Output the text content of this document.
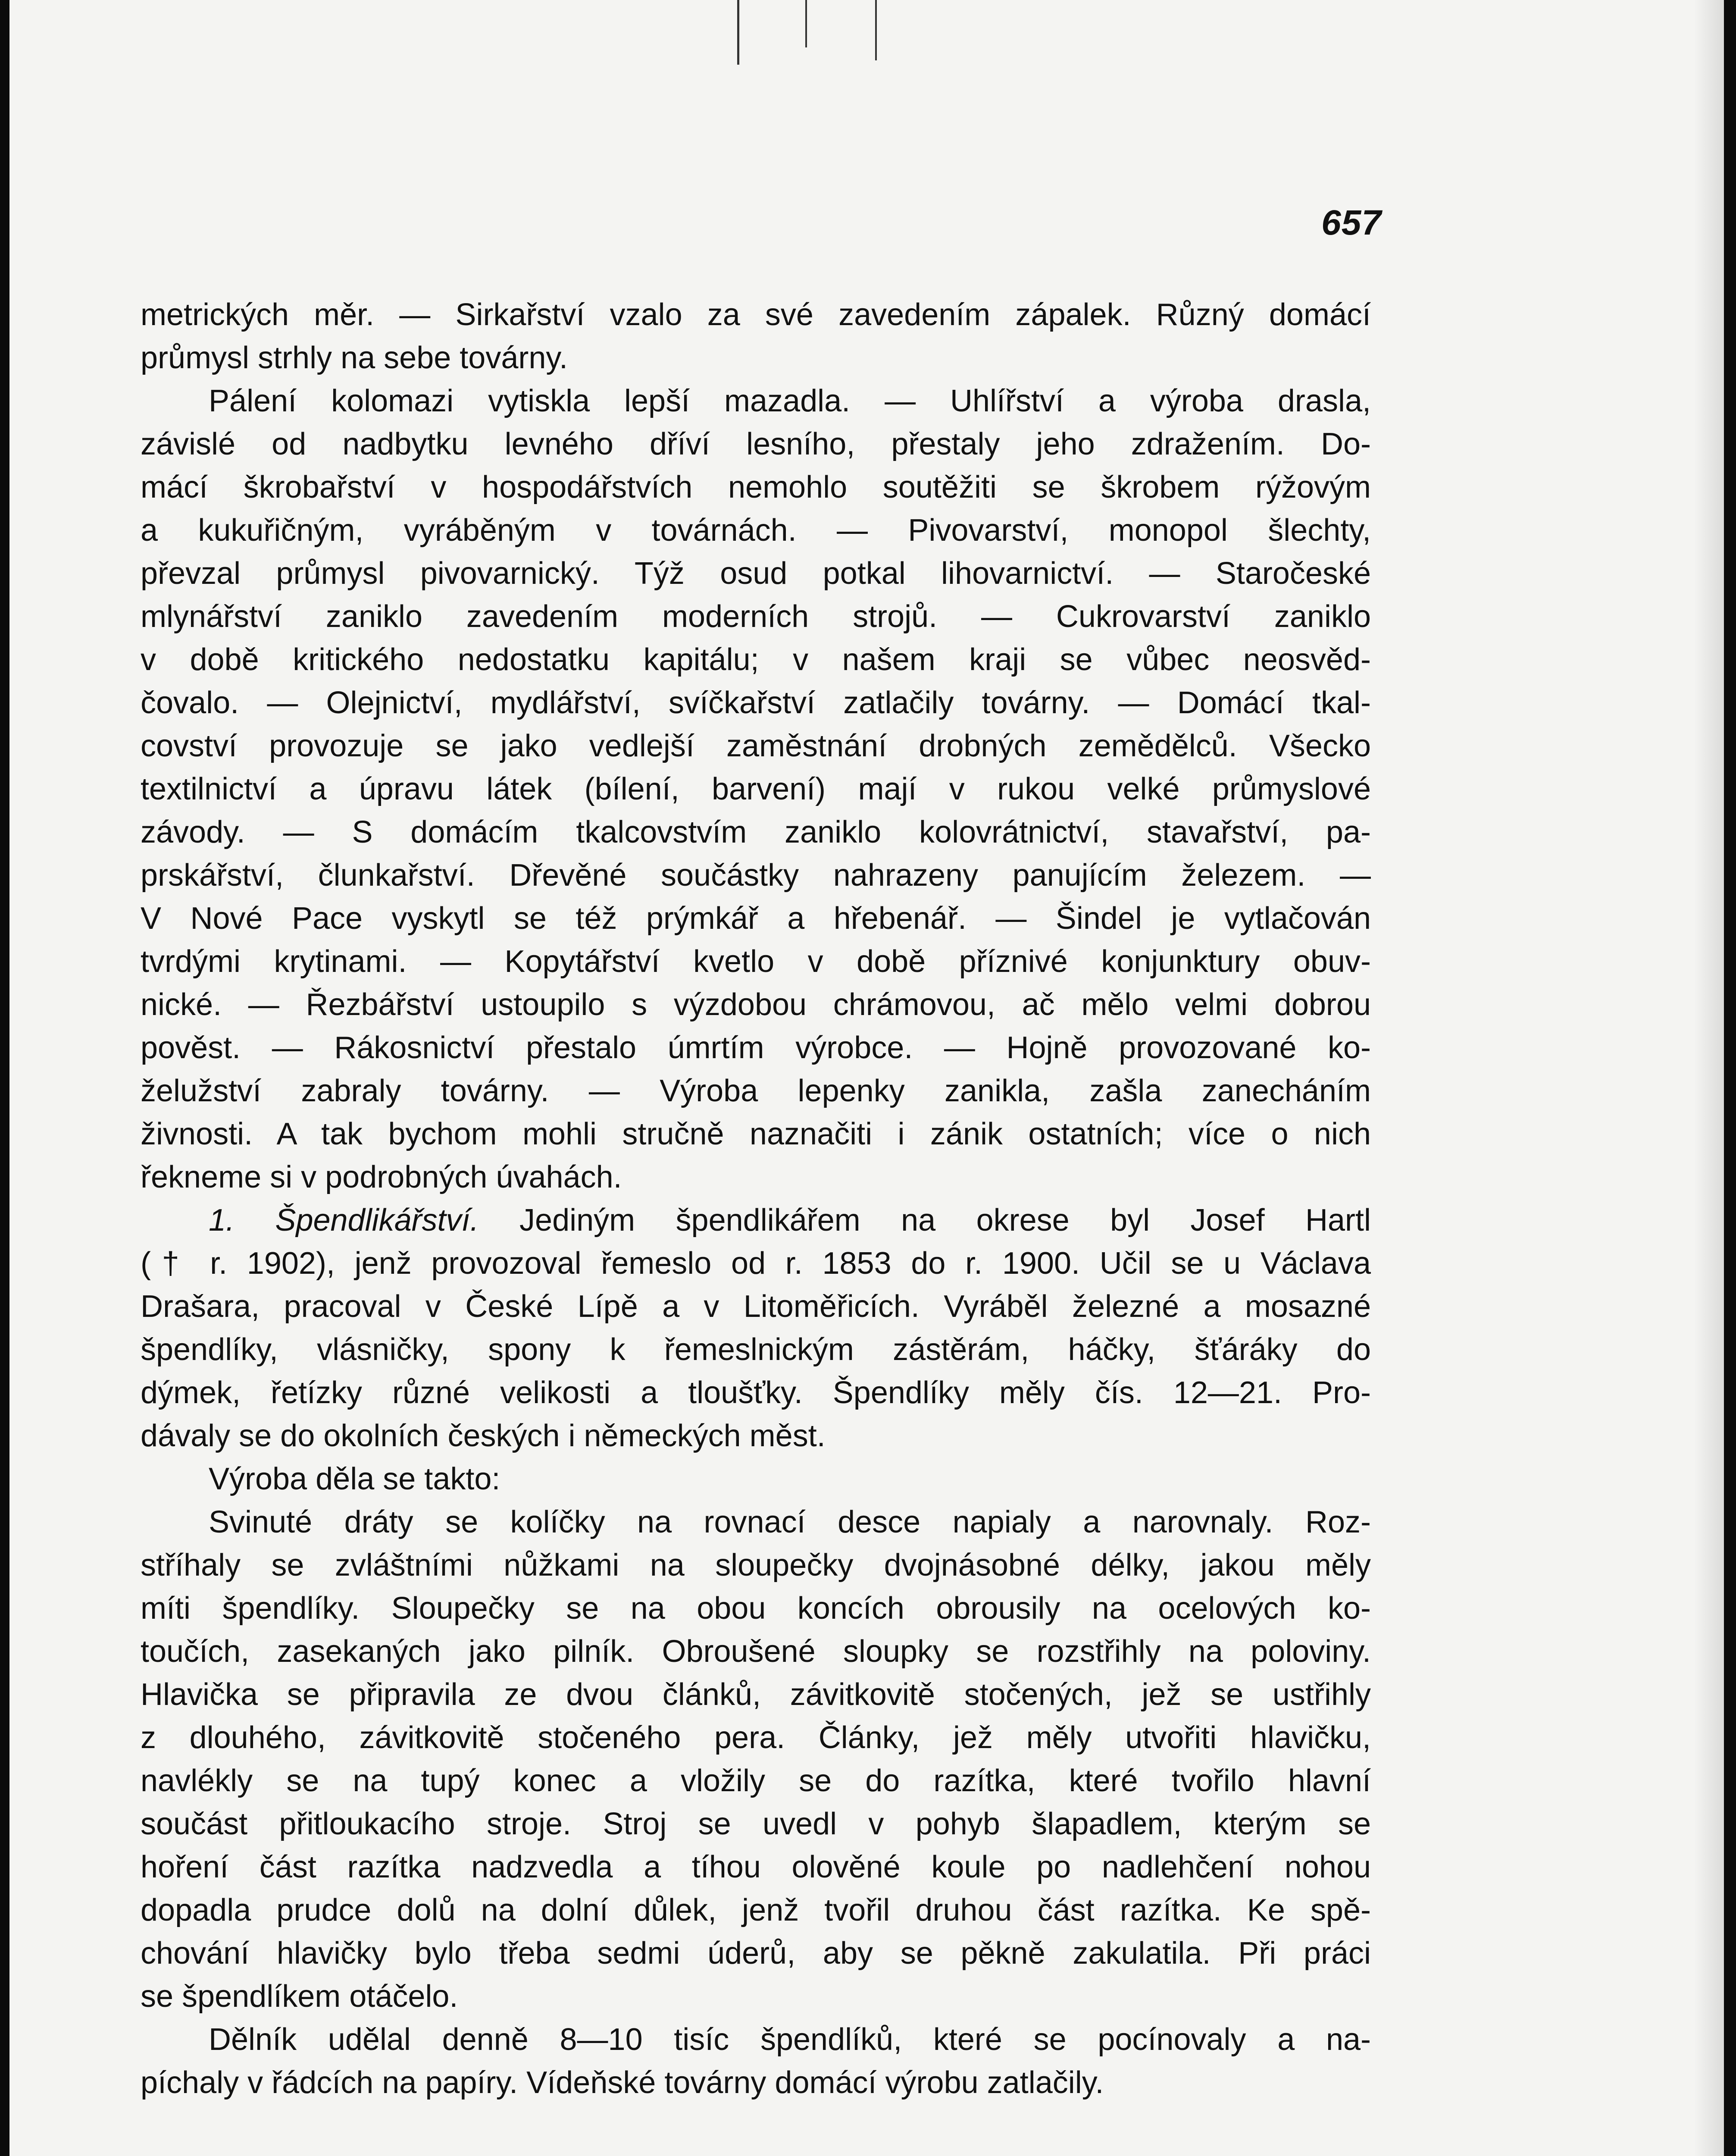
657
metrických měr. — Sirkařství vzalo za své zavedením zápalek. Různý domácí
průmysl strhly na sebe továrny.
Pálení kolomazi vytiskla lepší mazadla. — Uhlířství a výroba drasla,
závislé od nadbytku levného dříví lesního, přestaly jeho zdražením. Do-
mácí škrobařství v hospodářstvích nemohlo soutěžiti se škrobem rýžovým
a kukuřičným, vyráběným v továrnách. — Pivovarství, monopol šlechty,
převzal průmysl pivovarnický. Týž osud potkal lihovarnictví. — Staročeské
mlynářství zaniklo zavedením moderních strojů. — Cukrovarství zaniklo
v době kritického nedostatku kapitálu; v našem kraji se vůbec neosvěd-
čovalo. — Olejnictví, mydlářství, svíčkařství zatlačily továrny. — Domácí tkal-
covství provozuje se jako vedlejší zaměstnání drobných zemědělců. Všecko
textilnictví a úpravu látek (bílení, barvení) mají v rukou velké průmyslové
závody. — S domácím tkalcovstvím zaniklo kolovrátnictví, stavařství, pa-
prskářství, člunkařství. Dřevěné součástky nahrazeny panujícím železem. —
V Nové Pace vyskytl se též prýmkář a hřebenář. — Šindel je vytlačován
tvrdými krytinami. — Kopytářství kvetlo v době příznivé konjunktury obuv-
nické. — Řezbářství ustoupilo s výzdobou chrámovou, ač mělo velmi dobrou
pověst. — Rákosnictví přestalo úmrtím výrobce. — Hojně provozované ko-
želužství zabraly továrny. — Výroba lepenky zanikla, zašla zanecháním
živnosti. A tak bychom mohli stručně naznačiti i zánik ostatních; více o nich
řekneme si v podrobných úvahách.
1. Špendlikářství. Jediným špendlikářem na okrese byl Josef Hartl
(† r. 1902), jenž provozoval řemeslo od r. 1853 do r. 1900. Učil se u Václava
Drašara, pracoval v České Lípě a v Litoměřicích. Vyráběl železné a mosazné
špendlíky, vlásničky, spony k řemeslnickým zástěrám, háčky, šťáráky do
dýmek, řetízky různé velikosti a tloušťky. Špendlíky měly čís. 12—21. Pro-
dávaly se do okolních českých i německých měst.
Výroba děla se takto:
Svinuté dráty se kolíčky na rovnací desce napialy a narovnaly. Roz-
stříhaly se zvláštními nůžkami na sloupečky dvojnásobné délky, jakou měly
míti špendlíky. Sloupečky se na obou koncích obrousily na ocelových ko-
toučích, zasekaných jako pilník. Obroušené sloupky se rozstřihly na poloviny.
Hlavička se připravila ze dvou článků, závitkovitě stočených, jež se ustřihly
z dlouhého, závitkovitě stočeného pera. Články, jež měly utvořiti hlavičku,
navlékly se na tupý konec a vložily se do razítka, které tvořilo hlavní
součást přitloukacího stroje. Stroj se uvedl v pohyb šlapadlem, kterým se
hoření část razítka nadzvedla a tíhou olověné koule po nadlehčení nohou
dopadla prudce dolů na dolní důlek, jenž tvořil druhou část razítka. Ke spě-
chování hlavičky bylo třeba sedmi úderů, aby se pěkně zakulatila. Při práci
se špendlíkem otáčelo.
Dělník udělal denně 8—10 tisíc špendlíků, které se pocínovaly a na-
píchaly v řádcích na papíry. Vídeňské továrny domácí výrobu zatlačily.
